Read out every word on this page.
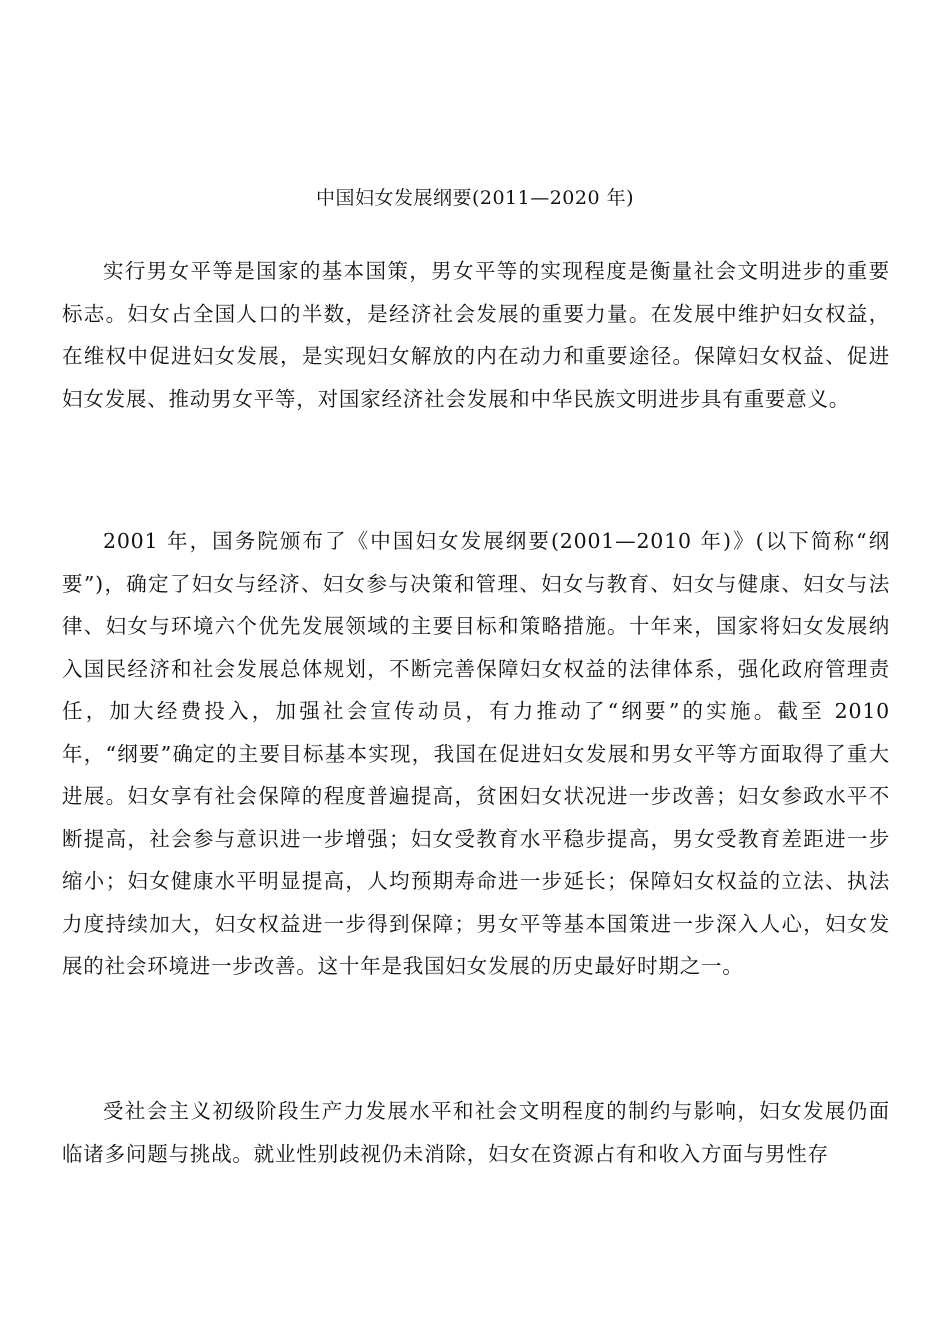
中国妇女发展纲要(2011—2020 年)

实行男女平等是国家的基本国策，男女平等的实现程度是衡量社会文明进步的重要标志。妇女占全国人口的半数，是经济社会发展的重要力量。在发展中维护妇女权益，在维权中促进妇女发展，是实现妇女解放的内在动力和重要途径。保障妇女权益、促进妇女发展、推动男女平等，对国家经济社会发展和中华民族文明进步具有重要意义。

2001 年，国务院颁布了《中国妇女发展纲要(2001—2010 年)》(以下简称“纲要”)，确定了妇女与经济、妇女参与决策和管理、妇女与教育、妇女与健康、妇女与法律、妇女与环境六个优先发展领域的主要目标和策略措施。十年来，国家将妇女发展纳入国民经济和社会发展总体规划，不断完善保障妇女权益的法律体系，强化政府管理责任，加大经费投入，加强社会宣传动员，有力推动了“纲要”的实施。截至 2010 年，“纲要”确定的主要目标基本实现，我国在促进妇女发展和男女平等方面取得了重大进展。妇女享有社会保障的程度普遍提高，贫困妇女状况进一步改善；妇女参政水平不断提高，社会参与意识进一步增强；妇女受教育水平稳步提高，男女受教育差距进一步缩小；妇女健康水平明显提高，人均预期寿命进一步延长；保障妇女权益的立法、执法力度持续加大，妇女权益进一步得到保障；男女平等基本国策进一步深入人心，妇女发展的社会环境进一步改善。这十年是我国妇女发展的历史最好时期之一。

受社会主义初级阶段生产力发展水平和社会文明程度的制约与影响，妇女发展仍面临诸多问题与挑战。就业性别歧视仍未消除，妇女在资源占有和收入方面与男性存
